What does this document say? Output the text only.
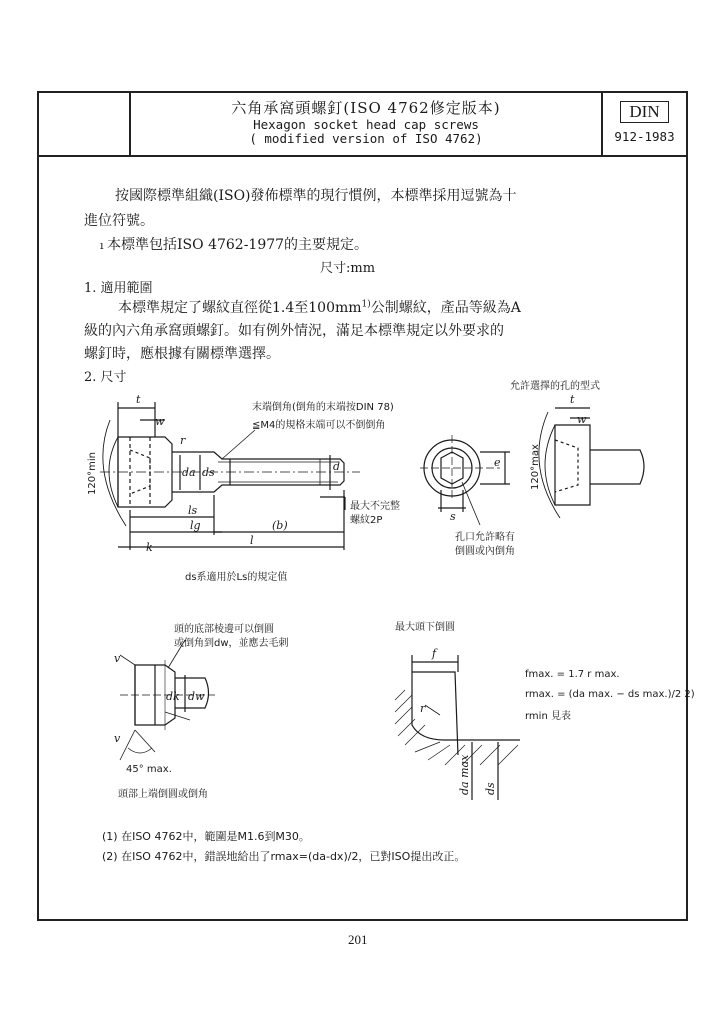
六角承窩頭螺釘(ISO 4762修定版本)
Hexagon socket head cap screws
( modified version of ISO 4762)
DIN
912-1983
按國際標準組織(ISO)發佈標準的現行慣例，本標準採用逗號為十
進位符號。
ı 本標準包括ISO 4762-1977的主要規定。
尺寸:mm
1. 適用範圍
本標準規定了螺紋直徑從1.4至$100mm^{1)}$公制螺紋，產品等級為A
級的內六角承窩頭螺釘。如有例外情況，滿足本標準規定以外要求的
螺釘時，應根據有關標準選擇。
2. 尺寸
t
w
da ds	d
ls
lg	(b)
l
k
r
120°min
末端倒角(倒角的末端按DIN 78)
≦M4的規格末端可以不倒倒角
最大不完整
螺紋2P
ds系適用於Ls的規定值
e
s
孔口允許略有
倒圓或內倒角
允許選擇的孔的型式
t
w
120°max
頭的底部棱邊可以倒圓
或倒角到dw，並應去毛刺
v
v
dk dw
45° max.
頭部上端倒圓或倒角
最大頭下倒圓
f
r
da max ds
fmax. = 1.7 r max.
rmax. = (da max. − ds max.)/2 2)
rmin 見表
(1) 在ISO 4762中，範圍是M1.6到M30。
(2) 在ISO 4762中，錯誤地給出了rmax=(da-dx)/2，已對ISO提出改正。
201
